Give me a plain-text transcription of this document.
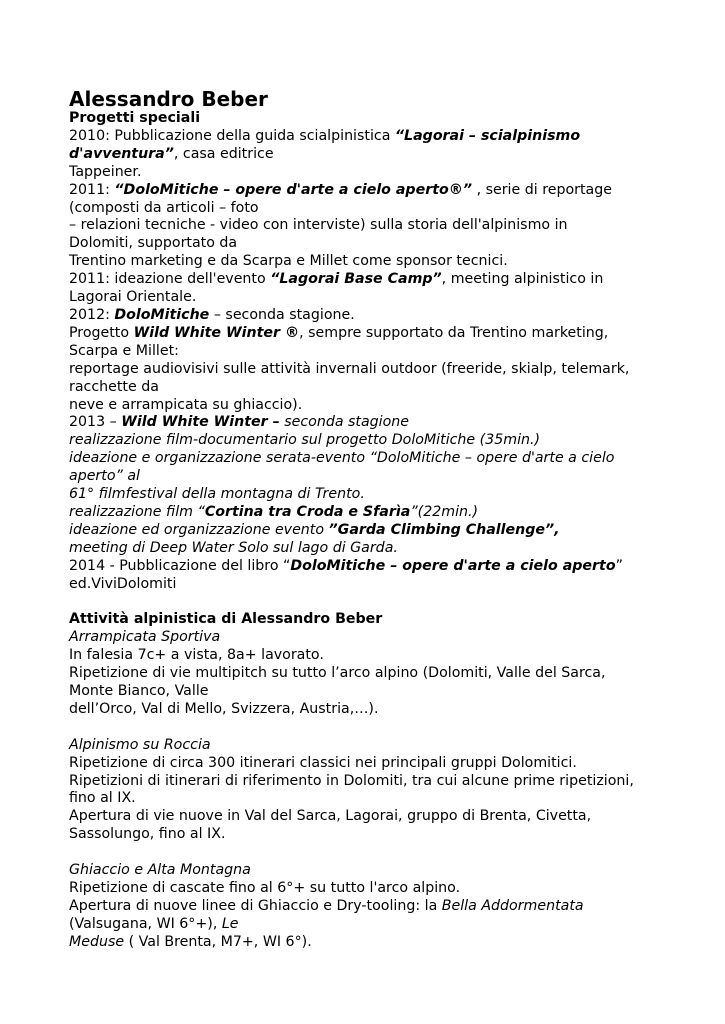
Alessandro Beber
Progetti speciali
2010: Pubblicazione della guida scialpinistica “Lagorai – scialpinismo
d'avventura”, casa editrice
Tappeiner.
2011: “DoloMitiche – opere d'arte a cielo aperto®” , serie di reportage
(composti da articoli – foto
– relazioni tecniche - video con interviste) sulla storia dell'alpinismo in
Dolomiti, supportato da
Trentino marketing e da Scarpa e Millet come sponsor tecnici.
2011: ideazione dell'evento “Lagorai Base Camp”, meeting alpinistico in
Lagorai Orientale.
2012: DoloMitiche – seconda stagione.
Progetto Wild White Winter ®, sempre supportato da Trentino marketing,
Scarpa e Millet:
reportage audiovisivi sulle attività invernali outdoor (freeride, skialp, telemark,
racchette da
neve e arrampicata su ghiaccio).
2013 – Wild White Winter – seconda stagione
realizzazione film-documentario sul progetto DoloMitiche (35min.)
ideazione e organizzazione serata-evento “DoloMitiche – opere d'arte a cielo
aperto” al
61° filmfestival della montagna di Trento.
realizzazione film “Cortina tra Croda e Sfarìa”(22min.)
ideazione ed organizzazione evento ”Garda Climbing Challenge”,
meeting di Deep Water Solo sul lago di Garda.
2014 - Pubblicazione del libro “DoloMitiche – opere d'arte a cielo aperto”
ed.ViviDolomiti
Attività alpinistica di Alessandro Beber
Arrampicata Sportiva
In falesia 7c+ a vista, 8a+ lavorato.
Ripetizione di vie multipitch su tutto l’arco alpino (Dolomiti, Valle del Sarca,
Monte Bianco, Valle
dell’Orco, Val di Mello, Svizzera, Austria,…).
Alpinismo su Roccia
Ripetizione di circa 300 itinerari classici nei principali gruppi Dolomitici.
Ripetizioni di itinerari di riferimento in Dolomiti, tra cui alcune prime ripetizioni,
fino al IX.
Apertura di vie nuove in Val del Sarca, Lagorai, gruppo di Brenta, Civetta,
Sassolungo, fino al IX.
Ghiaccio e Alta Montagna
Ripetizione di cascate fino al 6°+ su tutto l'arco alpino.
Apertura di nuove linee di Ghiaccio e Dry-tooling: la Bella Addormentata
(Valsugana, WI 6°+), Le
Meduse ( Val Brenta, M7+, WI 6°).
